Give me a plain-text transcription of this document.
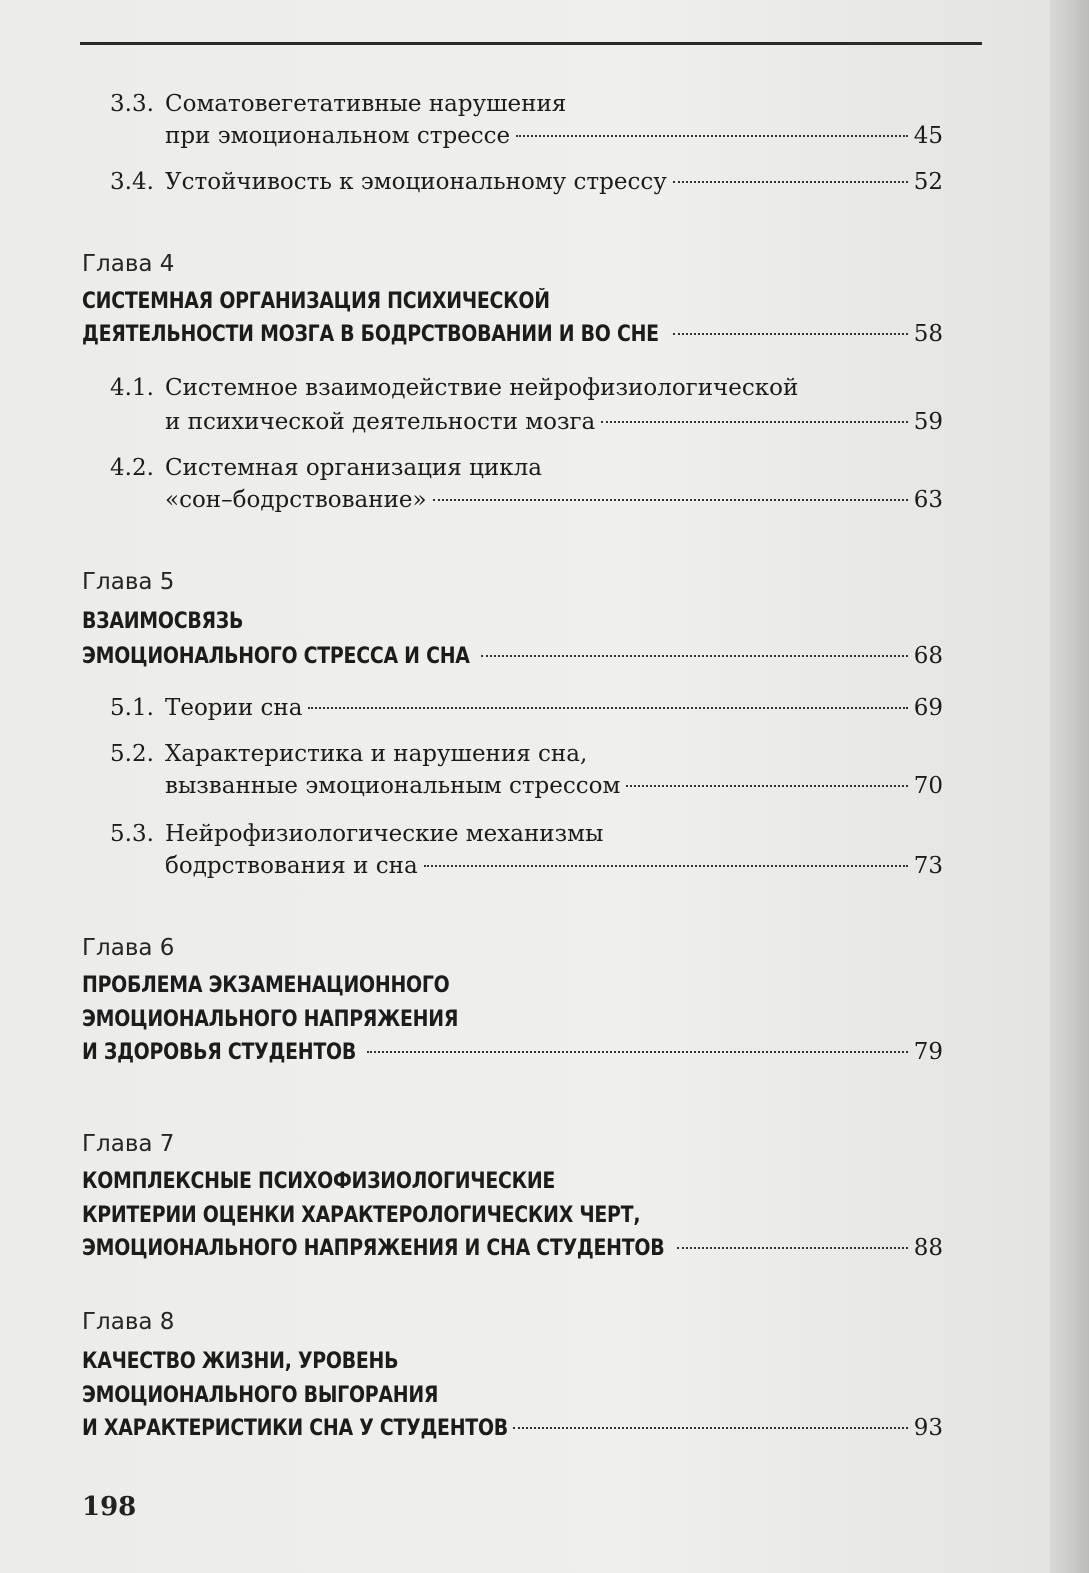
3.3. Соматовегетативные нарушения
при эмоциональном стрессе	45
3.4. Устойчивость к эмоциональному стрессу	52
Глава 4
СИСТЕМНАЯ ОРГАНИЗАЦИЯ ПСИХИЧЕСКОЙ
ДЕЯТЕЛЬНОСТИ МОЗГА В БОДРСТВОВАНИИ И ВО СНЕ	58
4.1. Системное взаимодействие нейрофизиологической
и психической деятельности мозга	59
4.2. Системная организация цикла
«сон–бодрствование»	63
Глава 5
ВЗАИМОСВЯЗЬ
ЭМОЦИОНАЛЬНОГО СТРЕССА И СНА	68
5.1. Теории сна	69
5.2. Характеристика и нарушения сна,
вызванные эмоциональным стрессом	70
5.3. Нейрофизиологические механизмы
бодрствования и сна	73
Глава 6
ПРОБЛЕМА ЭКЗАМЕНАЦИОННОГО
ЭМОЦИОНАЛЬНОГО НАПРЯЖЕНИЯ
И ЗДОРОВЬЯ СТУДЕНТОВ	79
Глава 7
КОМПЛЕКСНЫЕ ПСИХОФИЗИОЛОГИЧЕСКИЕ
КРИТЕРИИ ОЦЕНКИ ХАРАКТЕРОЛОГИЧЕСКИХ ЧЕРТ,
ЭМОЦИОНАЛЬНОГО НАПРЯЖЕНИЯ И СНА СТУДЕНТОВ	88
Глава 8
КАЧЕСТВО ЖИЗНИ, УРОВЕНЬ
ЭМОЦИОНАЛЬНОГО ВЫГОРАНИЯ
И ХАРАКТЕРИСТИКИ СНА У СТУДЕНТОВ	93
198
